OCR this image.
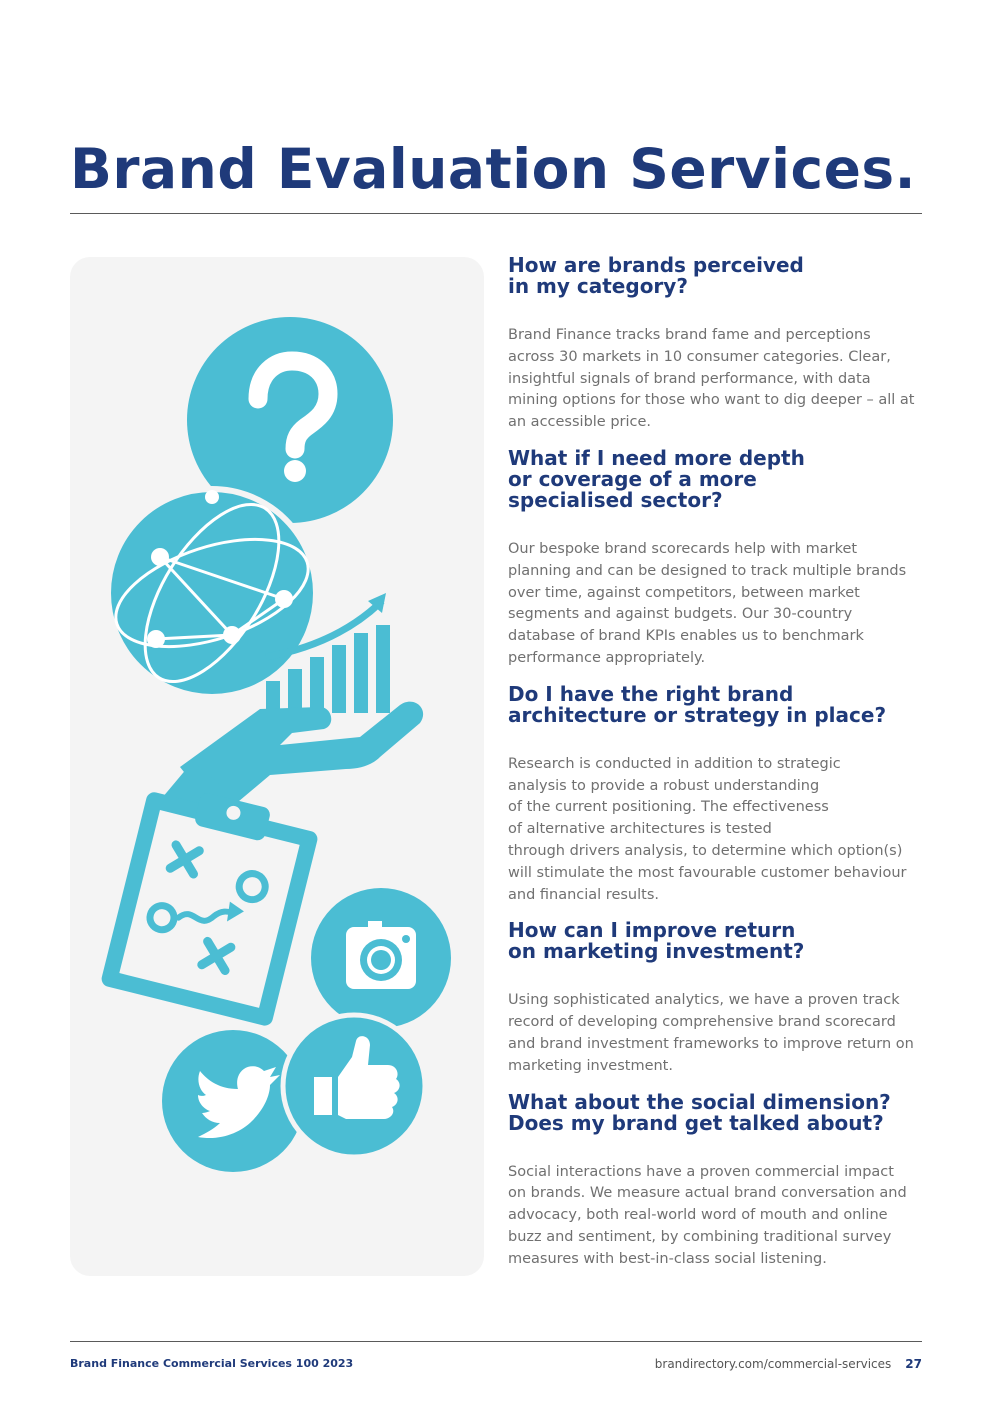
Brand Evaluation Services.
How are brands perceived
in my category?

Brand Finance tracks brand fame and perceptions
across 30 markets in 10 consumer categories. Clear,
insightful signals of brand performance, with data
mining options for those who want to dig deeper – all at
an accessible price.

What if I need more depth
or coverage of a more
specialised sector?

Our bespoke brand scorecards help with market
planning and can be designed to track multiple brands
over time, against competitors, between market
segments and against budgets. Our 30-country
database of brand KPIs enables us to benchmark
performance appropriately.

Do I have the right brand
architecture or strategy in place?

Research is conducted in addition to strategic
analysis to provide a robust understanding
of the current positioning. The effectiveness
of alternative architectures is tested
through drivers analysis, to determine which option(s)
will stimulate the most favourable customer behaviour
and financial results.

How can I improve return
on marketing investment?

Using sophisticated analytics, we have a proven track
record of developing comprehensive brand scorecard
and brand investment frameworks to improve return on
marketing investment.

What about the social dimension?
Does my brand get talked about?

Social interactions have a proven commercial impact
on brands. We measure actual brand conversation and
advocacy, both real-world word of mouth and online
buzz and sentiment, by combining traditional survey
measures with best-in-class social listening.

Brand Finance Commercial Services 100 2023	brandirectory.com/commercial-services 27
